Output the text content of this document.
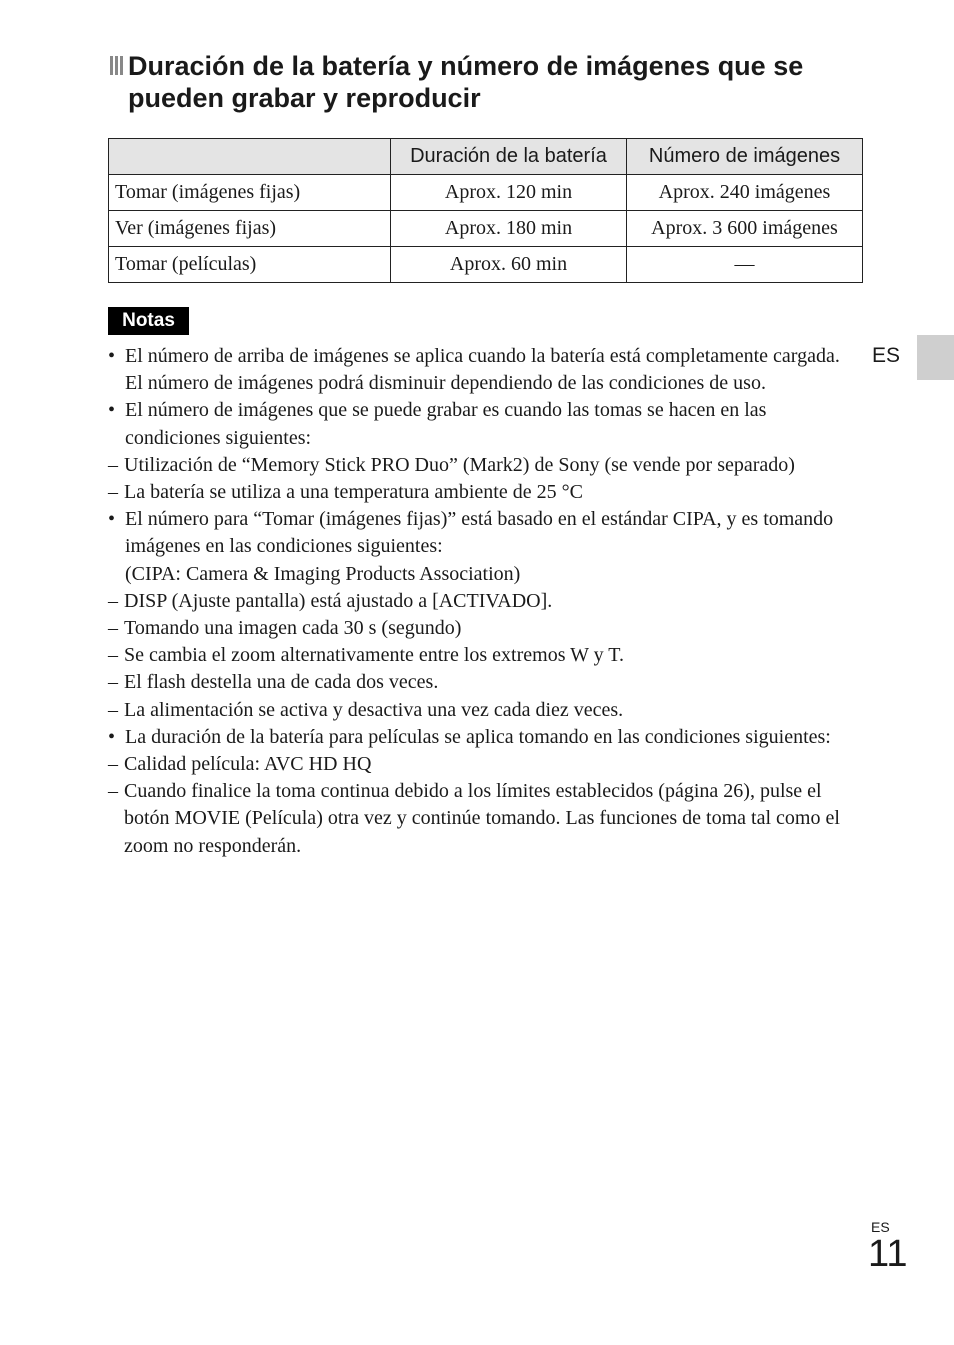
Duración de la batería y número de imágenes que se pueden grabar y reproducir
	Duración de la batería	Número de imágenes
Tomar (imágenes fijas)	Aprox. 120 min	Aprox. 240 imágenes
Ver (imágenes fijas)	Aprox. 180 min	Aprox. 3 600 imágenes
Tomar (películas)	Aprox. 60 min	—
Notas
• El número de arriba de imágenes se aplica cuando la batería está completamente cargada. El número de imágenes podrá disminuir dependiendo de las condiciones de uso.
• El número de imágenes que se puede grabar es cuando las tomas se hacen en las condiciones siguientes:
– Utilización de “Memory Stick PRO Duo” (Mark2) de Sony (se vende por separado)
– La batería se utiliza a una temperatura ambiente de 25 °C
• El número para “Tomar (imágenes fijas)” está basado en el estándar CIPA, y es tomando imágenes en las condiciones siguientes:
(CIPA: Camera & Imaging Products Association)
– DISP (Ajuste pantalla) está ajustado a [ACTIVADO].
– Tomando una imagen cada 30 s (segundo)
– Se cambia el zoom alternativamente entre los extremos W y T.
– El flash destella una de cada dos veces.
– La alimentación se activa y desactiva una vez cada diez veces.
• La duración de la batería para películas se aplica tomando en las condiciones siguientes:
– Calidad película: AVC HD HQ
– Cuando finalice la toma continua debido a los límites establecidos (página 26), pulse el botón MOVIE (Película) otra vez y continúe tomando. Las funciones de toma tal como el zoom no responderán.
ES
ES
11
